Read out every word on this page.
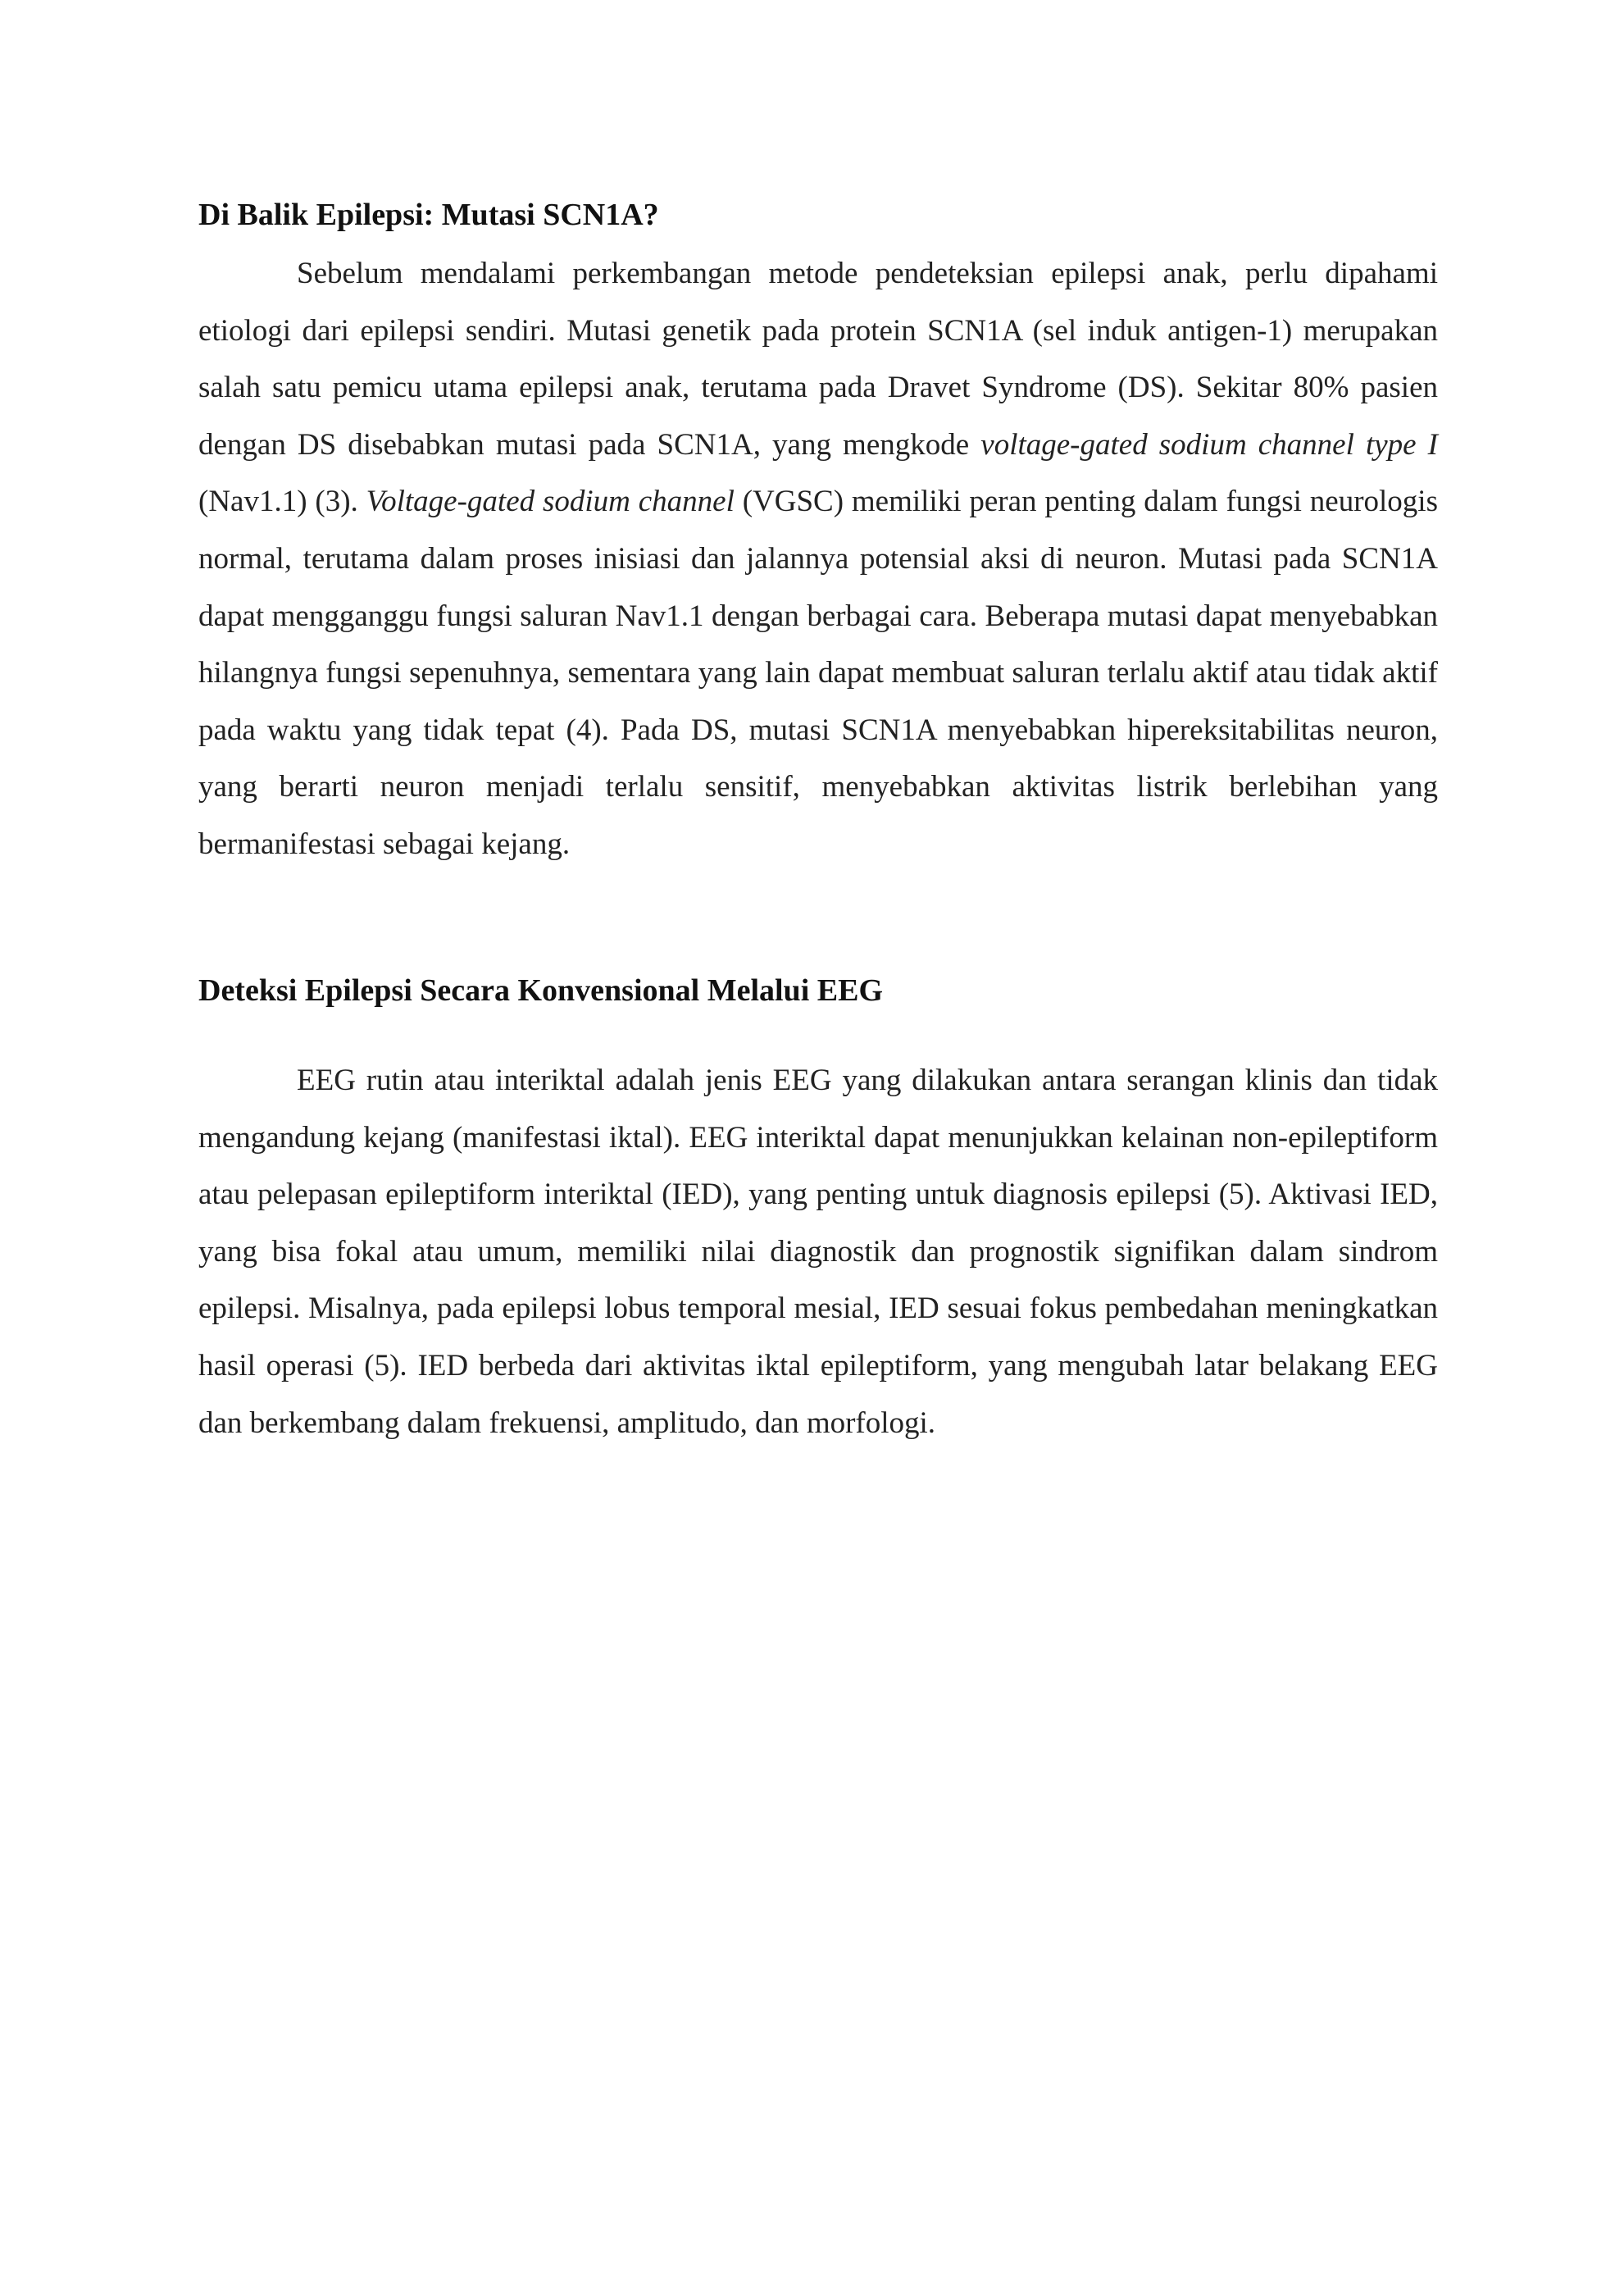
Di Balik Epilepsi: Mutasi SCN1A?

Sebelum mendalami perkembangan metode pendeteksian epilepsi anak, perlu dipahami etiologi dari epilepsi sendiri. Mutasi genetik pada protein SCN1A (sel induk antigen-1) merupakan salah satu pemicu utama epilepsi anak, terutama pada Dravet Syndrome (DS). Sekitar 80% pasien dengan DS disebabkan mutasi pada SCN1A, yang mengkode voltage-gated sodium channel type I (Nav1.1) (3). Voltage-gated sodium channel (VGSC) memiliki peran penting dalam fungsi neurologis normal, terutama dalam proses inisiasi dan jalannya potensial aksi di neuron. Mutasi pada SCN1A dapat mengganggu fungsi saluran Nav1.1 dengan berbagai cara. Beberapa mutasi dapat menyebabkan hilangnya fungsi sepenuhnya, sementara yang lain dapat membuat saluran terlalu aktif atau tidak aktif pada waktu yang tidak tepat (4). Pada DS, mutasi SCN1A menyebabkan hipereksitabilitas neuron, yang berarti neuron menjadi terlalu sensitif, menyebabkan aktivitas listrik berlebihan yang bermanifestasi sebagai kejang.

Deteksi Epilepsi Secara Konvensional Melalui EEG

EEG rutin atau interiktal adalah jenis EEG yang dilakukan antara serangan klinis dan tidak mengandung kejang (manifestasi iktal). EEG interiktal dapat menunjukkan kelainan non-epileptiform atau pelepasan epileptiform interiktal (IED), yang penting untuk diagnosis epilepsi (5). Aktivasi IED, yang bisa fokal atau umum, memiliki nilai diagnostik dan prognostik signifikan dalam sindrom epilepsi. Misalnya, pada epilepsi lobus temporal mesial, IED sesuai fokus pembedahan meningkatkan hasil operasi (5). IED berbeda dari aktivitas iktal epileptiform, yang mengubah latar belakang EEG dan berkembang dalam frekuensi, amplitudo, dan morfologi.
